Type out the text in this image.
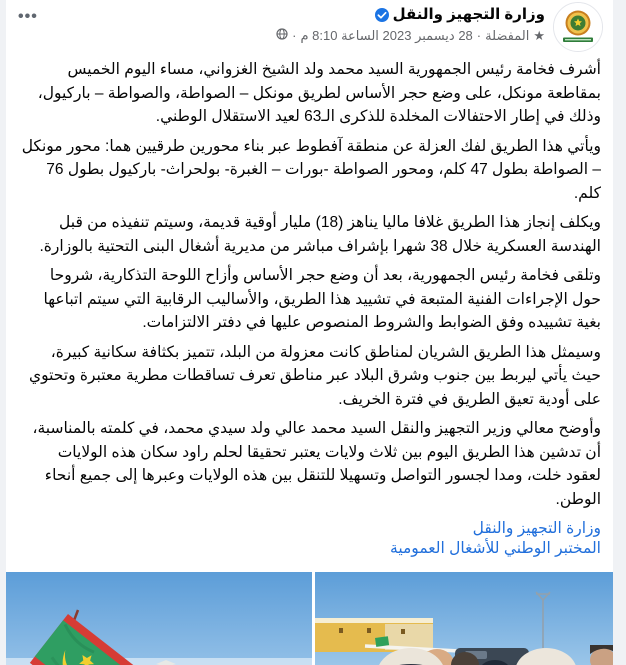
وزارة التجهيز والنقل
★
المفضلة
·
28 ديسمبر 2023 الساعة 8:10 م
·
•••

أشرف فخامة رئيس الجمهورية السيد محمد ولد الشيخ الغزواني، مساء اليوم الخميس بمقاطعة مونكل، على وضع حجر الأساس لطريق مونكل – الصواطة، والصواطة – باركيول، وذلك في إطار الاحتفالات المخلدة للذكرى الـ63 لعيد الاستقلال الوطني.

ويأتي هذا الطريق لفك العزلة عن منطقة آفطوط عبر بناء محورين طرقيين هما: محور مونكل – الصواطة بطول 47 كلم، ومحور الصواطة -بورات – الغبرة- بولحراث- باركيول بطول 76 كلم.

ويكلف إنجاز هذا الطريق غلافا ماليا يناهز (18) مليار أوقية قديمة، وسيتم تنفيذه من قبل الهندسة العسكرية خلال 38 شهرا بإشراف مباشر من مديرية أشغال البنى التحتية بالوزارة.

وتلقى فخامة رئيس الجمهورية، بعد أن وضع حجر الأساس وأزاح اللوحة التذكارية، شروحا حول الإجراءات الفنية المتبعة في تشييد هذا الطريق، والأساليب الرقابية التي سيتم اتباعها بغية تشييده وفق الضوابط والشروط المنصوص عليها في دفتر الالتزامات.

وسيمثل هذا الطريق الشريان لمناطق كانت معزولة من البلد، تتميز بكثافة سكانية كبيرة، حيث يأتي ليربط بين جنوب وشرق البلاد عبر مناطق تعرف تساقطات مطرية معتبرة وتحتوي على أودية تعيق الطريق في فترة الخريف.

وأوضح معالي وزير التجهيز والنقل السيد محمد عالي ولد سيدي محمد، في كلمته بالمناسبة، أن تدشين هذا الطريق اليوم بين ثلاث ولايات يعتبر تحقيقا لحلم راود سكان هذه الولايات لعقود خلت، ومدا لجسور التواصل وتسهيلا للتنقل بين هذه الولايات وعبرها إلى جميع أنحاء الوطن.

وزارة التجهيز والنقل
المختبر الوطني للأشغال العمومية
